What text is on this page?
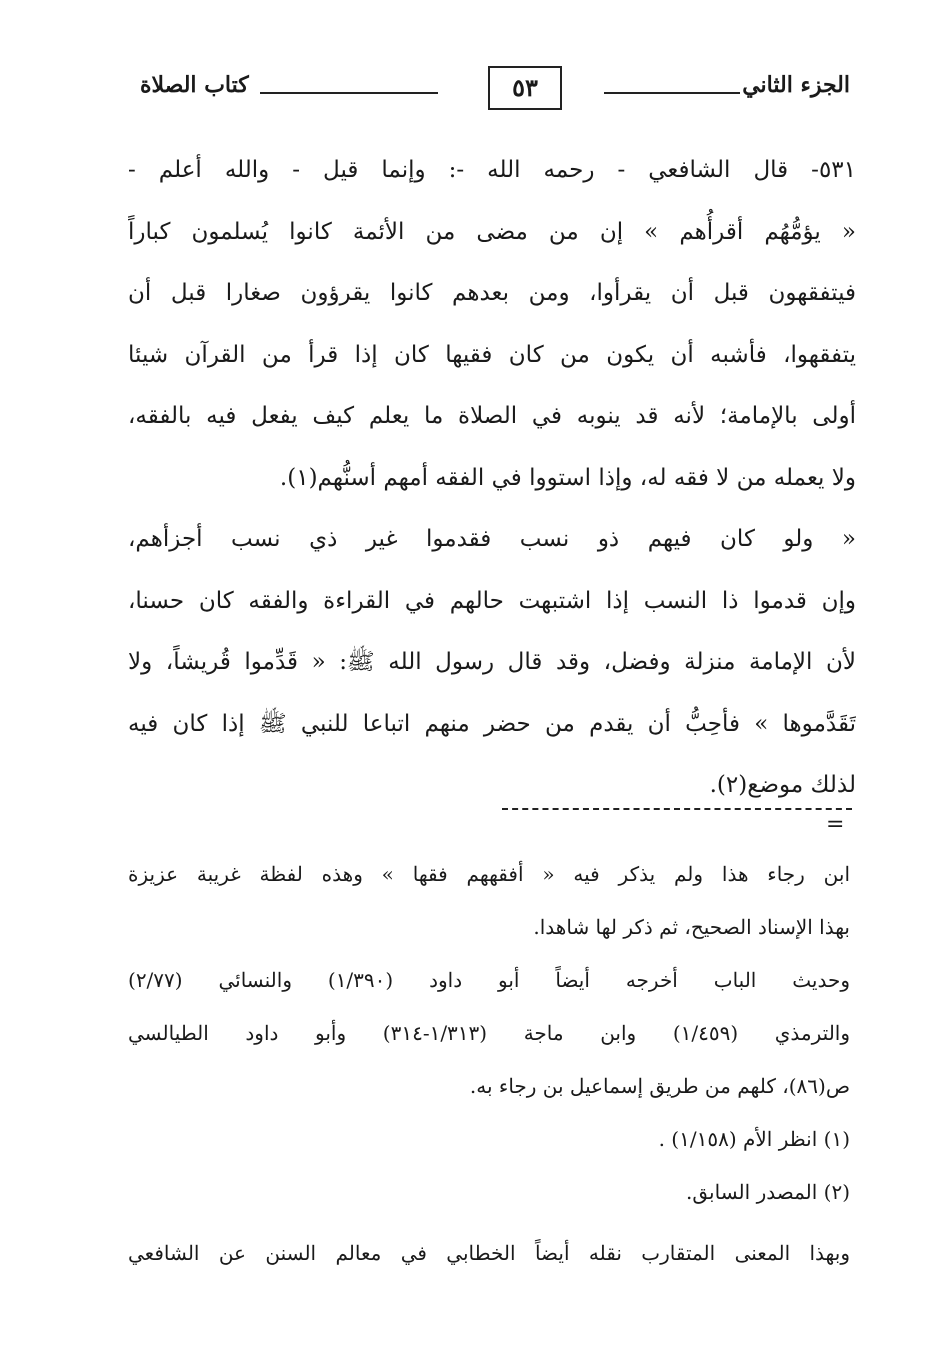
الجزء الثاني
٥٣
كتاب الصلاة
٥٣١- قال الشافعي - رحمه الله -: وإنما قيل - والله أعلم -
« يؤمُّهُم أقرأُهم » إن من مضى من الأئمة كانوا يُسلمون كباراً
فيتفقهون قبل أن يقرأوا، ومن بعدهم كانوا يقرؤون صغارا قبل أن
يتفقهوا، فأشبه أن يكون من كان فقيها كان إذا قرأ من القرآن شيئا
أولى بالإمامة؛ لأنه قد ينوبه في الصلاة ما يعلم كيف يفعل فيه بالفقه،
ولا يعمله من لا فقه له، وإذا استووا في الفقه أمهم أسنُّهم(١).
« ولو كان فيهم ذو نسب فقدموا غير ذي نسب أجزأهم،
وإن قدموا ذا النسب إذا اشتبهت حالهم في القراءة والفقه كان حسنا،
لأن الإمامة منزلة وفضل، وقد قال رسول الله ﷺ: « قَدِّموا قُريشاً، ولا
تَقَدَّموها » فأحِبُّ أن يقدم من حضر منهم اتباعا للنبي ﷺ إذا كان فيه
لذلك موضع(٢).
=
ابن رجاء هذا ولم يذكر فيه « أفقههم فقها » وهذه لفظة غريبة عزيزة
بهذا الإسناد الصحيح، ثم ذكر لها شاهدا.
وحديث الباب أخرجه أيضاً أبو داود (١/٣٩٠) والنسائي (٢/٧٧)
والترمذي (١/٤٥٩) وابن ماجة (١/٣١٣-٣١٤) وأبو داود الطيالسي
ص(٨٦)، كلهم من طريق إسماعيل بن رجاء به.
(١) انظر الأم (١/١٥٨) .
(٢) المصدر السابق.
وبهذا المعنى المتقارب نقله أيضاً الخطابي في معالم السنن عن الشافعي
